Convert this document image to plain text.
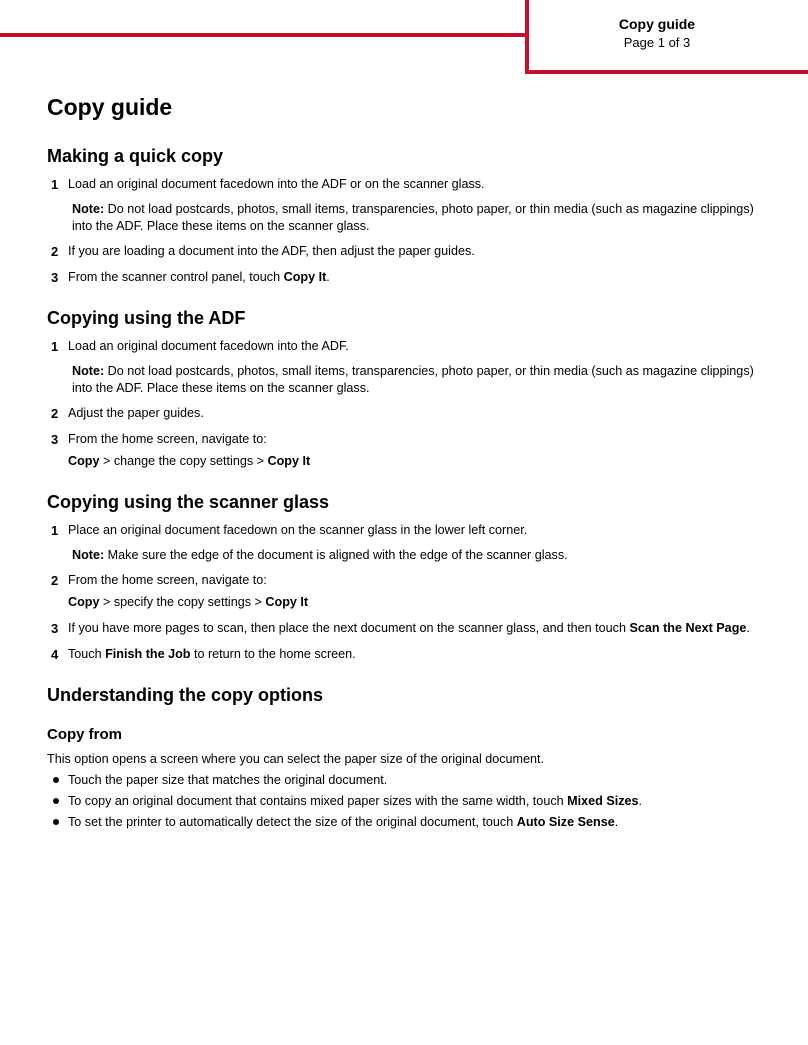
Copy guide
Page 1 of 3
Copy guide
Making a quick copy
1 Load an original document facedown into the ADF or on the scanner glass.
Note: Do not load postcards, photos, small items, transparencies, photo paper, or thin media (such as magazine clippings) into the ADF. Place these items on the scanner glass.
2 If you are loading a document into the ADF, then adjust the paper guides.
3 From the scanner control panel, touch Copy It.
Copying using the ADF
1 Load an original document facedown into the ADF.
Note: Do not load postcards, photos, small items, transparencies, photo paper, or thin media (such as magazine clippings) into the ADF. Place these items on the scanner glass.
2 Adjust the paper guides.
3 From the home screen, navigate to:
Copy > change the copy settings > Copy It
Copying using the scanner glass
1 Place an original document facedown on the scanner glass in the lower left corner.
Note: Make sure the edge of the document is aligned with the edge of the scanner glass.
2 From the home screen, navigate to:
Copy > specify the copy settings > Copy It
3 If you have more pages to scan, then place the next document on the scanner glass, and then touch Scan the Next Page.
4 Touch Finish the Job to return to the home screen.
Understanding the copy options
Copy from
This option opens a screen where you can select the paper size of the original document.
Touch the paper size that matches the original document.
To copy an original document that contains mixed paper sizes with the same width, touch Mixed Sizes.
To set the printer to automatically detect the size of the original document, touch Auto Size Sense.
